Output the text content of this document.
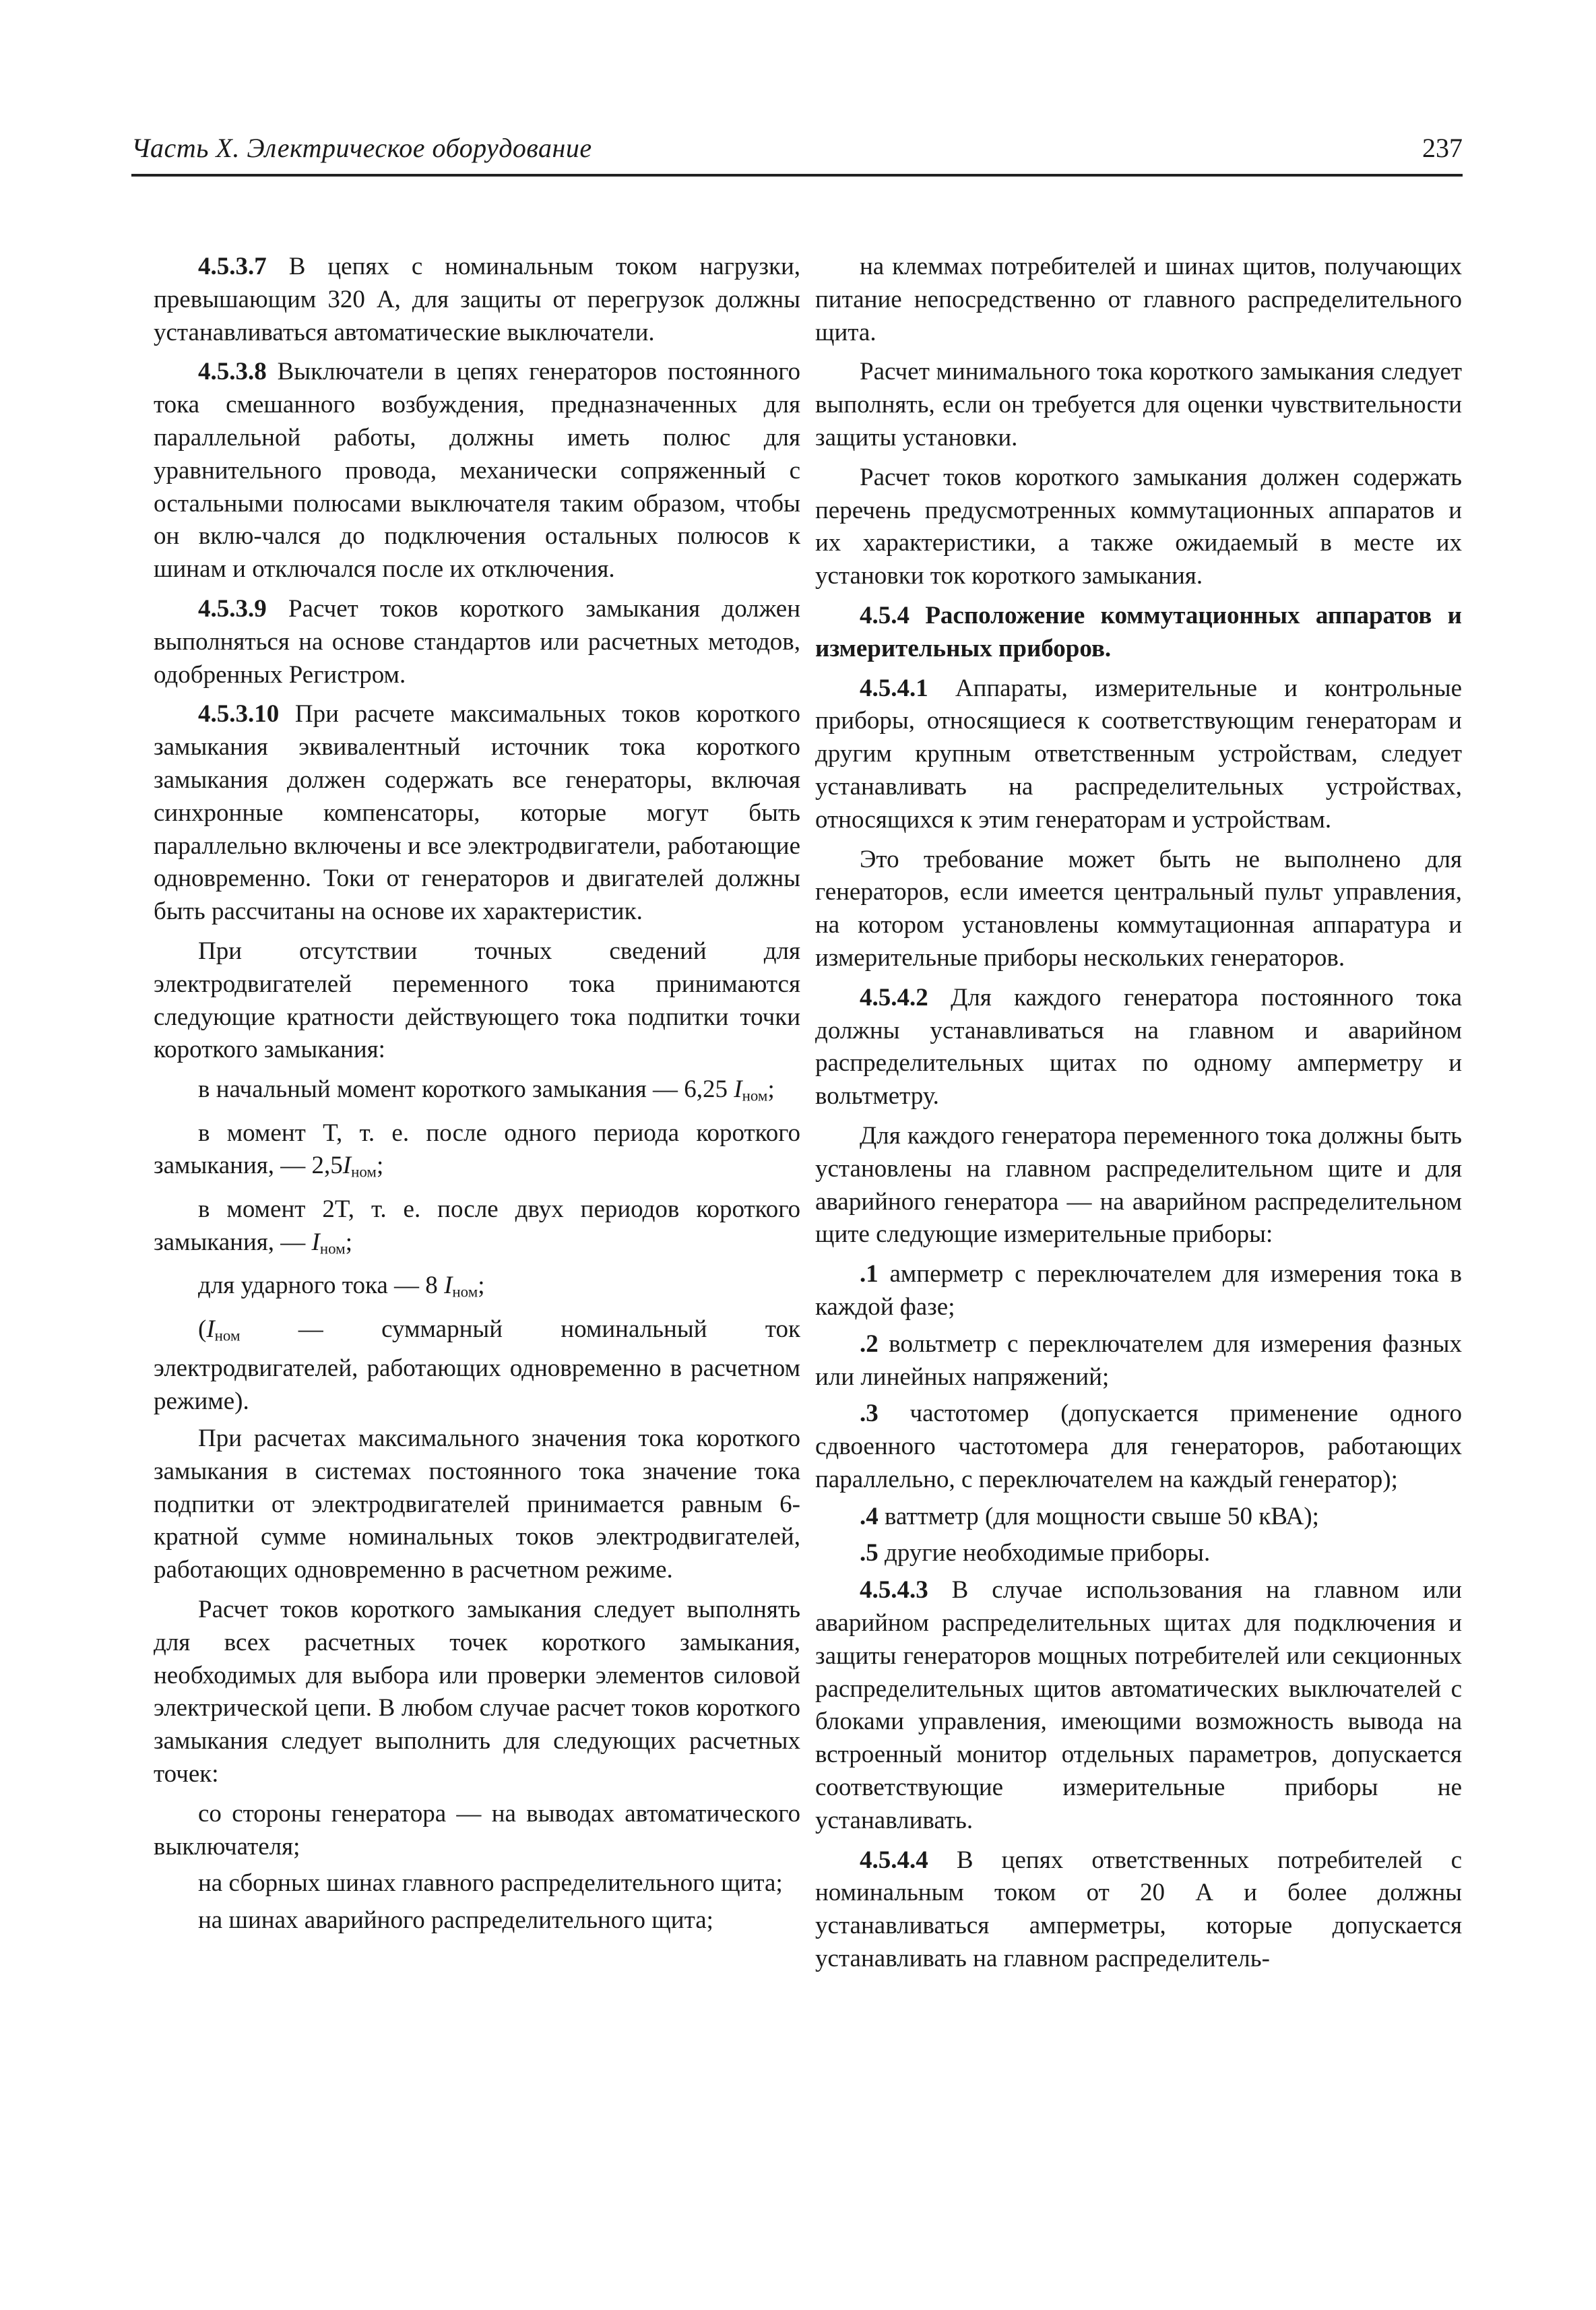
Часть X. Электрическое оборудование	237

4.5.3.7 В цепях с номинальным током нагрузки, превышающим 320 А, для защиты от перегрузок должны устанавливаться автоматические выключатели.

4.5.3.8 Выключатели в цепях генераторов постоянного тока смешанного возбуждения, предназначенных для параллельной работы, должны иметь полюс для уравнительного провода, механически сопряженный с остальными полюсами выключателя таким образом, чтобы он вклю-чался до подключения остальных полюсов к шинам и отключался после их отключения.

4.5.3.9 Расчет токов короткого замыкания должен выполняться на основе стандартов или расчетных методов, одобренных Регистром.

4.5.3.10 При расчете максимальных токов короткого замыкания эквивалентный источник тока короткого замыкания должен содержать все генераторы, включая синхронные компенсаторы, которые могут быть параллельно включены и все электродвигатели, работающие одновременно. Токи от генераторов и двигателей должны быть рассчитаны на основе их характеристик.

При отсутствии точных сведений для электродвигателей переменного тока принимаются следующие кратности действующего тока подпитки точки короткого замыкания:

в начальный момент короткого замыкания — 6,25 $I_{ном}$;

в момент T, т. е. после одного периода короткого замыкания, — $2,5I_{ном}$;

в момент 2T, т. е. после двух периодов короткого замыкания, — $I_{ном}$;

для ударного тока — 8 $I_{ном}$;

($I_{ном}$ — суммарный номинальный ток электродвигателей, работающих одновременно в расчетном режиме).

При расчетах максимального значения тока короткого замыкания в системах постоянного тока значение тока подпитки от электродвигателей принимается равным 6-кратной сумме номинальных токов электродвигателей, работающих одновременно в расчетном режиме.

Расчет токов короткого замыкания следует выполнять для всех расчетных точек короткого замыкания, необходимых для выбора или проверки элементов силовой электрической цепи. В любом случае расчет токов короткого замыкания следует выполнить для следующих расчетных точек:

со стороны генератора — на выводах автоматического выключателя;

на сборных шинах главного распределительного щита;

на шинах аварийного распределительного щита;

на клеммах потребителей и шинах щитов, получающих питание непосредственно от главного распределительного щита.

Расчет минимального тока короткого замыкания следует выполнять, если он требуется для оценки чувствительности защиты установки.

Расчет токов короткого замыкания должен содержать перечень предусмотренных коммутационных аппаратов и их характеристики, а также ожидаемый в месте их установки ток короткого замыкания.

4.5.4 Расположение коммутационных аппаратов и измерительных приборов.

4.5.4.1 Аппараты, измерительные и контрольные приборы, относящиеся к соответствующим генераторам и другим крупным ответственным устройствам, следует устанавливать на распределительных устройствах, относящихся к этим генераторам и устройствам.

Это требование может быть не выполнено для генераторов, если имеется центральный пульт управления, на котором установлены коммутационная аппаратура и измерительные приборы нескольких генераторов.

4.5.4.2 Для каждого генератора постоянного тока должны устанавливаться на главном и аварийном распределительных щитах по одному амперметру и вольтметру.

Для каждого генератора переменного тока должны быть установлены на главном распределительном щите и для аварийного генератора — на аварийном распределительном щите следующие измерительные приборы:

.1 амперметр с переключателем для измерения тока в каждой фазе;

.2 вольтметр с переключателем для измерения фазных или линейных напряжений;

.3 частотомер (допускается применение одного сдвоенного частотомера для генераторов, работающих параллельно, с переключателем на каждый генератор);

.4 ваттметр (для мощности свыше 50 кВА);

.5 другие необходимые приборы.

4.5.4.3 В случае использования на главном или аварийном распределительных щитах для подключения и защиты генераторов мощных потребителей или секционных распределительных щитов автоматических выключателей с блоками управления, имеющими возможность вывода на встроенный монитор отдельных параметров, допускается соответствующие измерительные приборы не устанавливать.

4.5.4.4 В цепях ответственных потребителей с номинальным током от 20 А и более должны устанавливаться амперметры, которые допускается устанавливать на главном распределитель-
